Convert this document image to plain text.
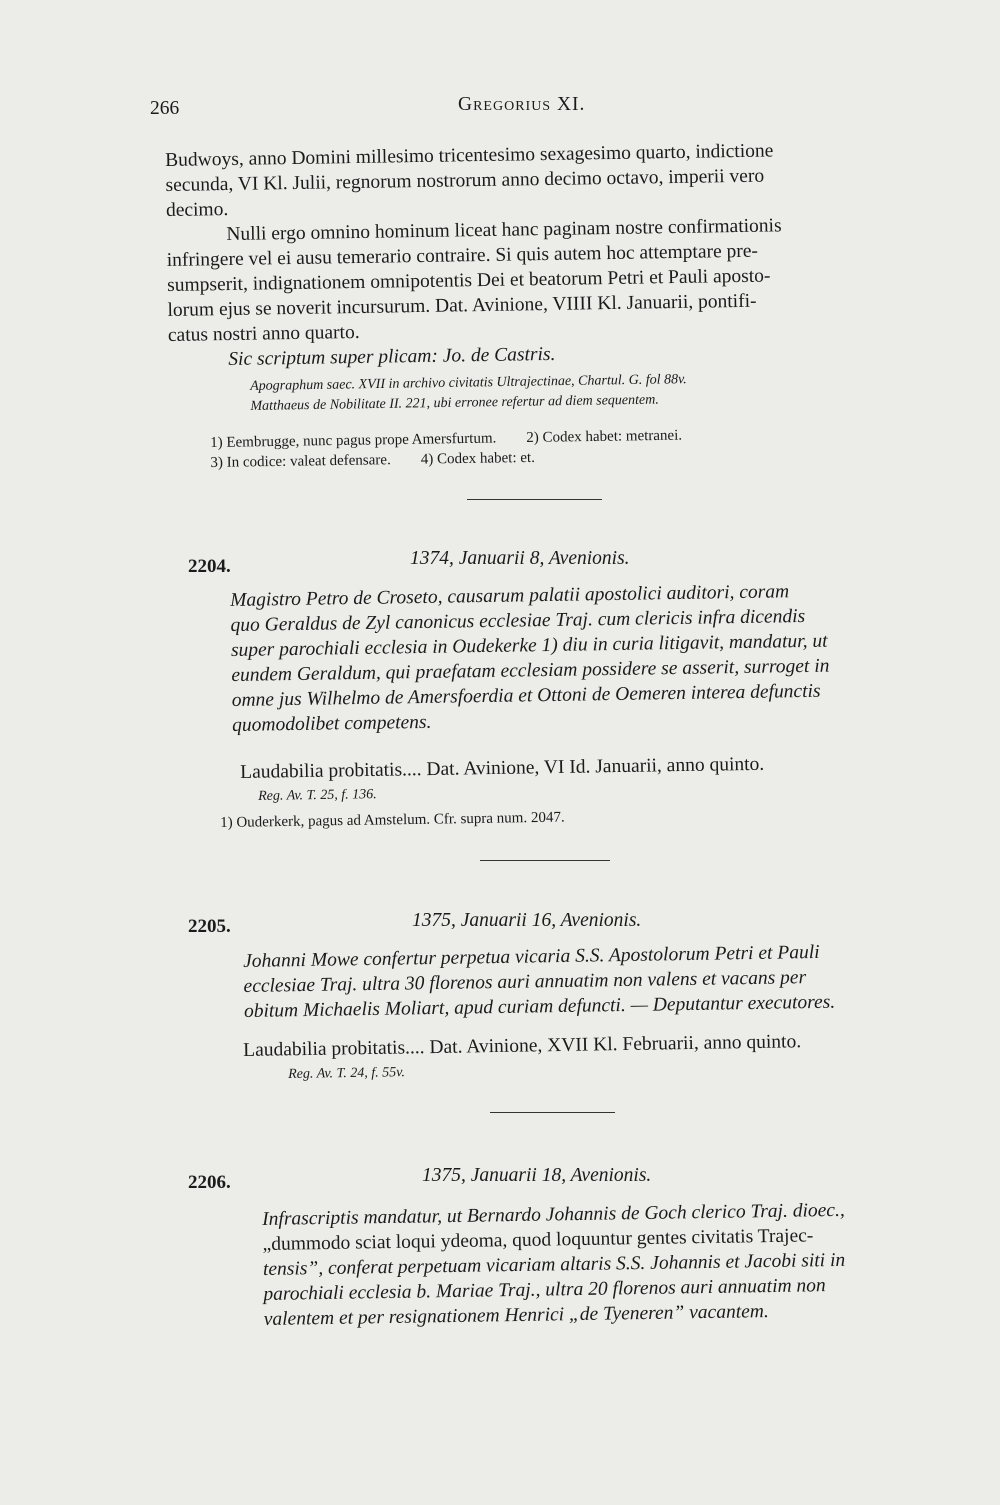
266	Gregorius XI.
Budwoys, anno Domini millesimo tricentesimo sexagesimo quarto, indictione
secunda, VI Kl. Julii, regnorum nostrorum anno decimo octavo, imperii vero
decimo.
Nulli ergo omnino hominum liceat hanc paginam nostre confirmationis
infringere vel ei ausu temerario contraire. Si quis autem hoc attemptare pre-
sumpserit, indignationem omnipotentis Dei et beatorum Petri et Pauli aposto-
lorum ejus se noverit incursurum. Dat. Avinione, VIIII Kl. Januarii, pontifi-
catus nostri anno quarto.
Sic scriptum super plicam: Jo. de Castris.
Apographum saec. XVII in archivo civitatis Ultrajectinae, Chartul. G. fol 88v.
Matthaeus de Nobilitate II. 221, ubi erronee refertur ad diem sequentem.
1) Eembrugge, nunc pagus prope Amersfurtum.        2) Codex habet: metranei.
3) In codice: valeat defensare.        4) Codex habet: et.
2204.	1374, Januarii 8, Avenionis.
Magistro Petro de Croseto, causarum palatii apostolici auditori, coram
quo Geraldus de Zyl canonicus ecclesiae Traj. cum clericis infra dicendis
super parochiali ecclesia in Oudekerke 1) diu in curia litigavit, mandatur, ut
eundem Geraldum, qui praefatam ecclesiam possidere se asserit, surroget in
omne jus Wilhelmo de Amersfoerdia et Ottoni de Oemeren interea defunctis
quomodolibet competens.
Laudabilia probitatis.... Dat. Avinione, VI Id. Januarii, anno quinto.
Reg. Av. T. 25, f. 136.
1) Ouderkerk, pagus ad Amstelum. Cfr. supra num. 2047.
2205.	1375, Januarii 16, Avenionis.
Johanni Mowe confertur perpetua vicaria S.S. Apostolorum Petri et Pauli
ecclesiae Traj. ultra 30 florenos auri annuatim non valens et vacans per
obitum Michaelis Moliart, apud curiam defuncti. — Deputantur executores.
Laudabilia probitatis.... Dat. Avinione, XVII Kl. Februarii, anno quinto.
Reg. Av. T. 24, f. 55v.
2206.	1375, Januarii 18, Avenionis.
Infrascriptis mandatur, ut Bernardo Johannis de Goch clerico Traj. dioec.,
„dummodo sciat loqui ydeoma, quod loquuntur gentes civitatis Trajec-
tensis”, conferat perpetuam vicariam altaris S.S. Johannis et Jacobi siti in
parochiali ecclesia b. Mariae Traj., ultra 20 florenos auri annuatim non
valentem et per resignationem Henrici „de Tyeneren” vacantem.
